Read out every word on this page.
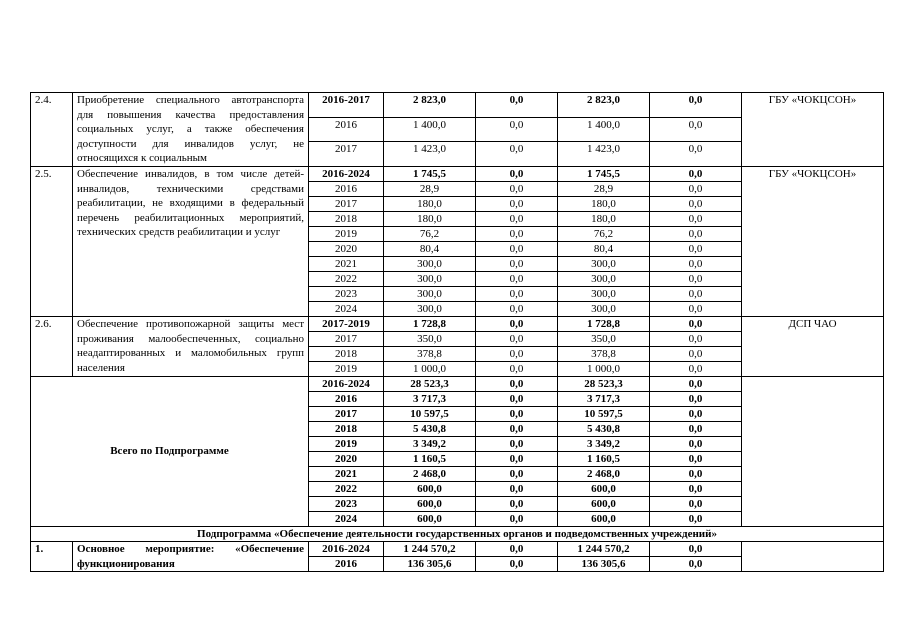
2.4.	Приобретение специального автотранспорта для повышения качества предоставления социальных услуг, а также обеспечения доступности для инвалидов услуг, не относящихся к социальным	2016-2017	2 823,0	0,0	2 823,0	0,0	ГБУ «ЧОКЦСОН»
		2016	1 400,0	0,0	1 400,0	0,0	
		2017	1 423,0	0,0	1 423,0	0,0	
2.5.	Обеспечение инвалидов, в том числе детей-инвалидов, техническими средствами реабилитации, не входящими в федеральный перечень реабилитационных мероприятий, технических средств реабилитации и услуг	2016-2024	1 745,5	0,0	1 745,5	0,0	ГБУ «ЧОКЦСОН»
		2016	28,9	0,0	28,9	0,0	
		2017	180,0	0,0	180,0	0,0	
		2018	180,0	0,0	180,0	0,0	
		2019	76,2	0,0	76,2	0,0	
		2020	80,4	0,0	80,4	0,0	
		2021	300,0	0,0	300,0	0,0	
		2022	300,0	0,0	300,0	0,0	
		2023	300,0	0,0	300,0	0,0	
		2024	300,0	0,0	300,0	0,0	
2.6.	Обеспечение противопожарной защиты мест проживания малообеспеченных, социально неадаптированных и маломобильных групп населения	2017-2019	1 728,8	0,0	1 728,8	0,0	ДСП ЧАО
		2017	350,0	0,0	350,0	0,0	
		2018	378,8	0,0	378,8	0,0	
		2019	1 000,0	0,0	1 000,0	0,0	
Всего по Подпрограмме		2016-2024	28 523,3	0,0	28 523,3	0,0	
		2016	3 717,3	0,0	3 717,3	0,0	
		2017	10 597,5	0,0	10 597,5	0,0	
		2018	5 430,8	0,0	5 430,8	0,0	
		2019	3 349,2	0,0	3 349,2	0,0	
		2020	1 160,5	0,0	1 160,5	0,0	
		2021	2 468,0	0,0	2 468,0	0,0	
		2022	600,0	0,0	600,0	0,0	
		2023	600,0	0,0	600,0	0,0	
		2024	600,0	0,0	600,0	0,0	
Подпрограмма «Обеспечение деятельности государственных органов и подведомственных учреждений»							
1.	Основное мероприятие: «Обеспечение функционирования	2016-2024	1 244 570,2	0,0	1 244 570,2	0,0	
		2016	136 305,6	0,0	136 305,6	0,0	
